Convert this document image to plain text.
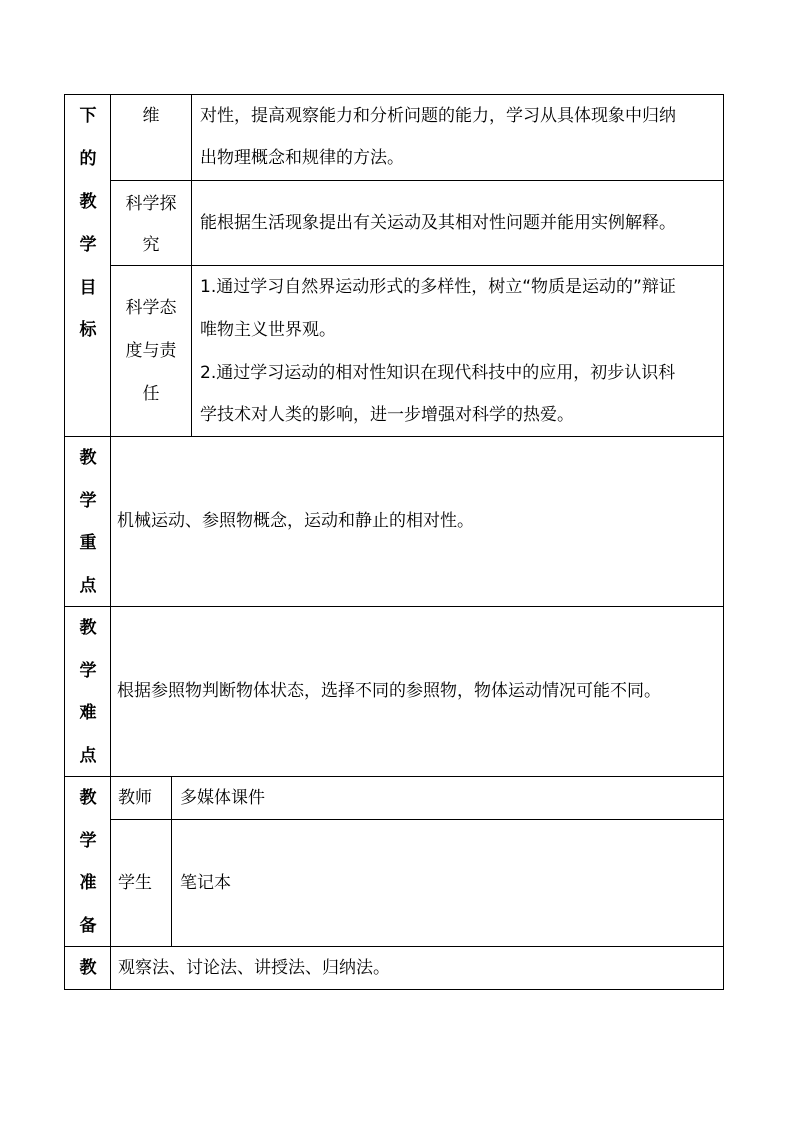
下
的
教
学
目
标
维	对性，提高观察能力和分析问题的能力，学习从具体现象中归纳
出物理概念和规律的方法。
科学探
究
能根据生活现象提出有关运动及其相对性问题并能用实例解释。
科学态
度与责
任
1.通过学习自然界运动形式的多样性，树立“物质是运动的”辩证
唯物主义世界观。
2.通过学习运动的相对性知识在现代科技中的应用，初步认识科
学技术对人类的影响，进一步增强对科学的热爱。
教
学
重
点
机械运动、参照物概念，运动和静止的相对性。
教
学
难
点
根据参照物判断物体状态，选择不同的参照物，物体运动情况可能不同。
教
学
准
备
教师 多媒体课件
学生 笔记本
教 观察法、讨论法、讲授法、归纳法。
